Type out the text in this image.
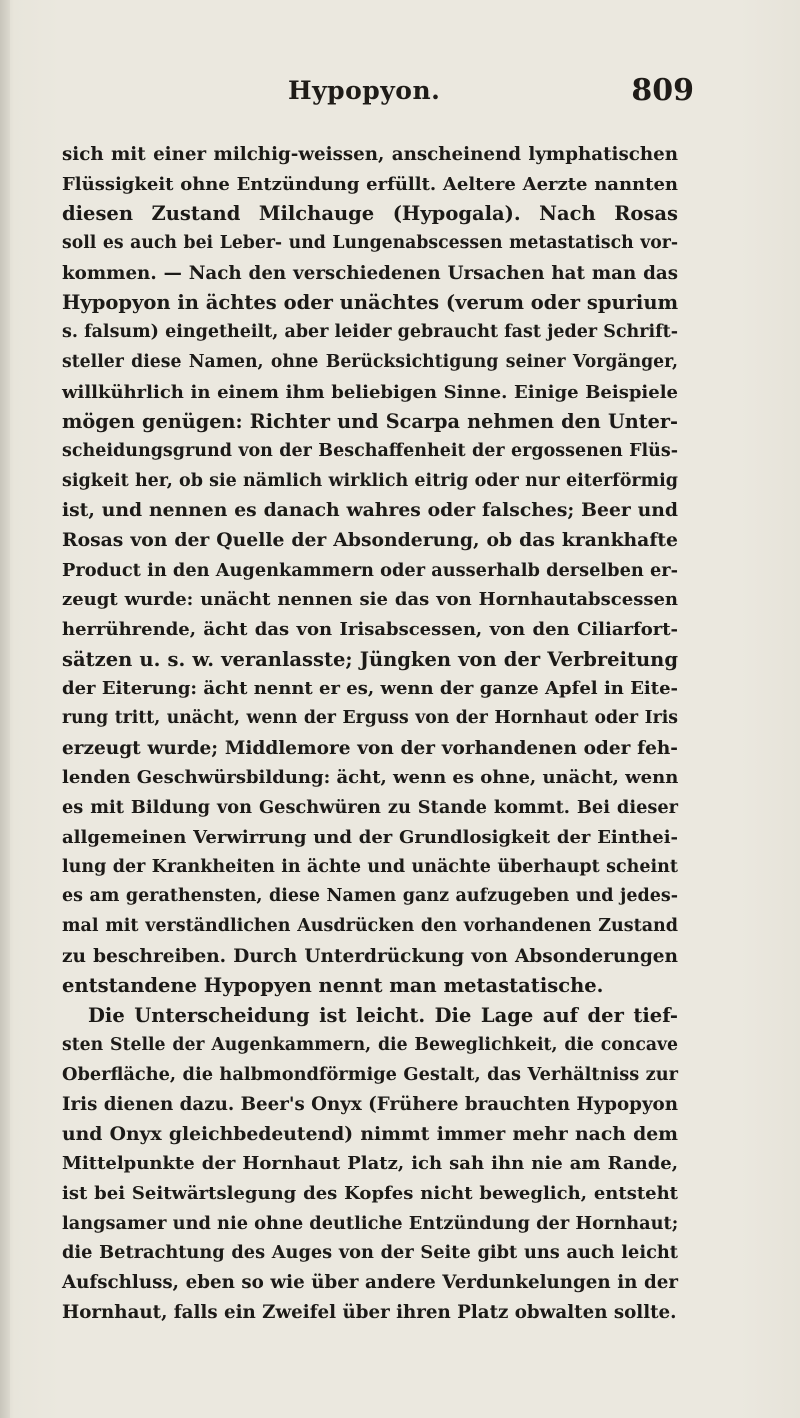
Hypopyon.	809
sich mit einer milchig-weissen, anscheinend lymphatischen
Flüssigkeit ohne Entzündung erfüllt. Aeltere Aerzte nannten
diesen Zustand Milchauge (Hypogala). Nach Rosas
soll es auch bei Leber- und Lungenabscessen metastatisch vor-
kommen. — Nach den verschiedenen Ursachen hat man das
Hypopyon in ächtes oder unächtes (verum oder spurium
s. falsum) eingetheilt, aber leider gebraucht fast jeder Schrift-
steller diese Namen, ohne Berücksichtigung seiner Vorgänger,
willkührlich in einem ihm beliebigen Sinne. Einige Beispiele
mögen genügen: Richter und Scarpa nehmen den Unter-
scheidungsgrund von der Beschaffenheit der ergossenen Flüs-
sigkeit her, ob sie nämlich wirklich eitrig oder nur eiterförmig
ist, und nennen es danach wahres oder falsches; Beer und
Rosas von der Quelle der Absonderung, ob das krankhafte
Product in den Augenkammern oder ausserhalb derselben er-
zeugt wurde: unächt nennen sie das von Hornhautabscessen
herrührende, ächt das von Irisabscessen, von den Ciliarfort-
sätzen u. s. w. veranlasste; Jüngken von der Verbreitung
der Eiterung: ächt nennt er es, wenn der ganze Apfel in Eite-
rung tritt, unächt, wenn der Erguss von der Hornhaut oder Iris
erzeugt wurde; Middlemore von der vorhandenen oder feh-
lenden Geschwürsbildung: ächt, wenn es ohne, unächt, wenn
es mit Bildung von Geschwüren zu Stande kommt. Bei dieser
allgemeinen Verwirrung und der Grundlosigkeit der Einthei-
lung der Krankheiten in ächte und unächte überhaupt scheint
es am gerathensten, diese Namen ganz aufzugeben und jedes-
mal mit verständlichen Ausdrücken den vorhandenen Zustand
zu beschreiben. Durch Unterdrückung von Absonderungen
entstandene Hypopyen nennt man metastatische.
Die Unterscheidung ist leicht. Die Lage auf der tief-
sten Stelle der Augenkammern, die Beweglichkeit, die concave
Oberfläche, die halbmondförmige Gestalt, das Verhältniss zur
Iris dienen dazu. Beer's Onyx (Frühere brauchten Hypopyon
und Onyx gleichbedeutend) nimmt immer mehr nach dem
Mittelpunkte der Hornhaut Platz, ich sah ihn nie am Rande,
ist bei Seitwärtslegung des Kopfes nicht beweglich, entsteht
langsamer und nie ohne deutliche Entzündung der Hornhaut;
die Betrachtung des Auges von der Seite gibt uns auch leicht
Aufschluss, eben so wie über andere Verdunkelungen in der
Hornhaut, falls ein Zweifel über ihren Platz obwalten sollte.
